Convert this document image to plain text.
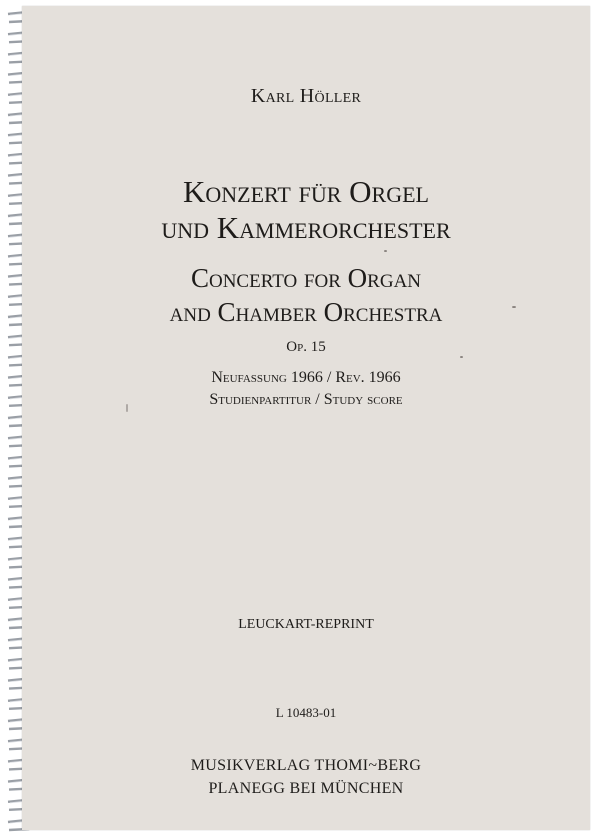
Karl Höller
Konzert für Orgel
und Kammerorchester
Concerto for Organ
and Chamber Orchestra
Op. 15
Neufassung 1966 / Rev. 1966
Studienpartitur / Study score
LEUCKART-REPRINT
L 10483-01
MUSIKVERLAG THOMI~BERG
PLANEGG BEI MÜNCHEN
